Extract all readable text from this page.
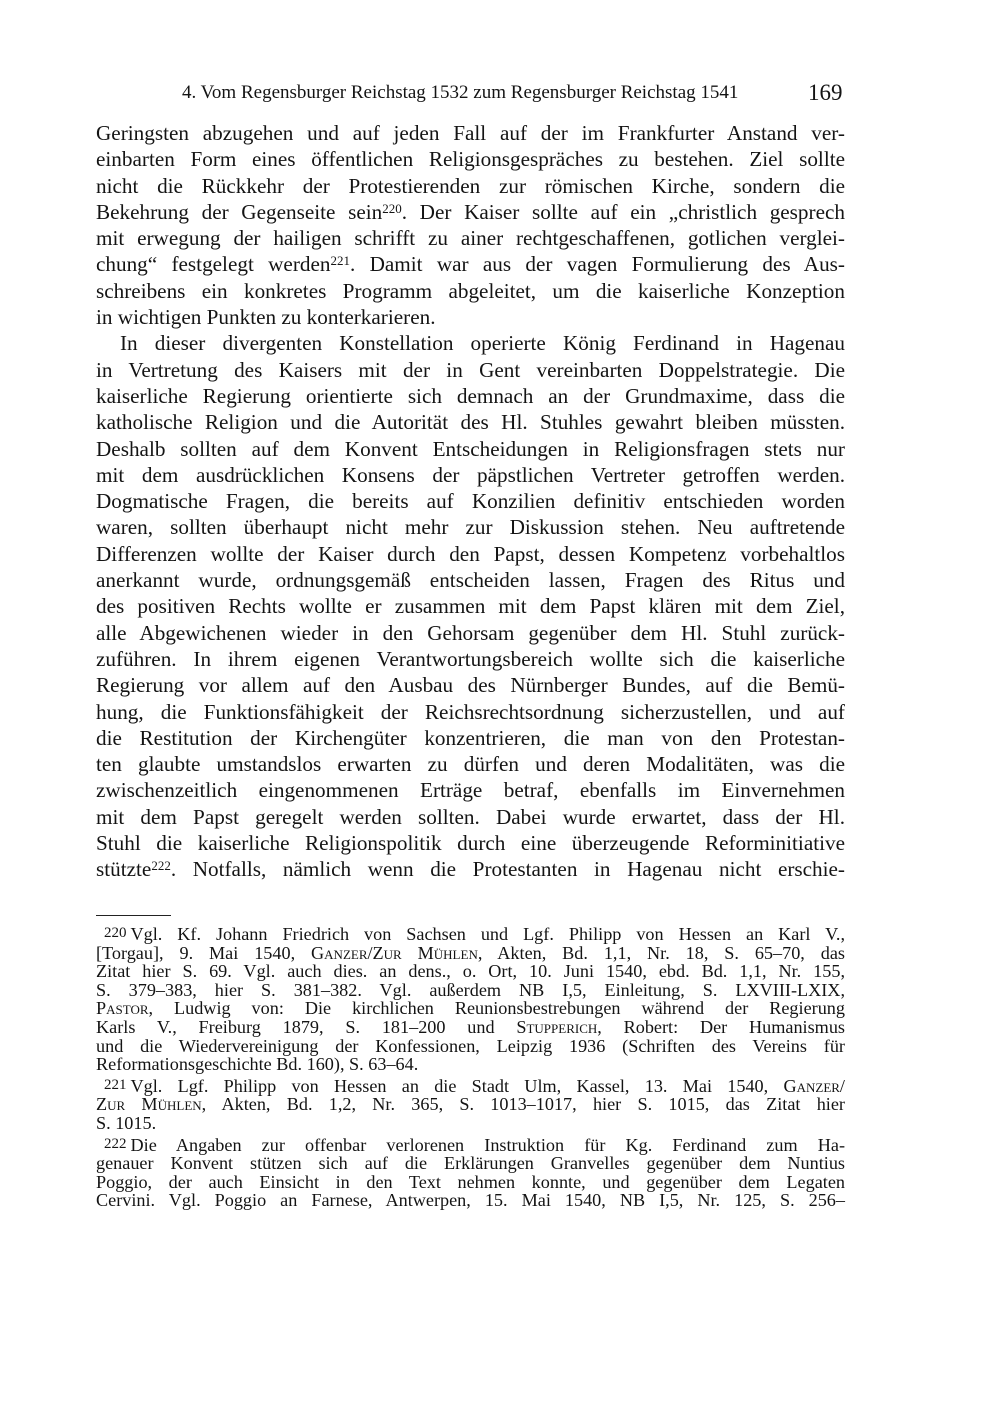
4. Vom Regensburger Reichstag 1532 zum Regensburger Reichstag 1541	169

Geringsten abzugehen und auf jeden Fall auf der im Frankfurter Anstand ver-
einbarten Form eines öffentlichen Religionsgespräches zu bestehen. Ziel sollte
nicht die Rückkehr der Protestierenden zur römischen Kirche, sondern die
Bekehrung der Gegenseite sein$^{220}$. Der Kaiser sollte auf ein „christlich gesprech
mit erwegung der hailigen schrifft zu ainer rechtgeschaffenen, gotlichen verglei-
chung“ festgelegt werden$^{221}$. Damit war aus der vagen Formulierung des Aus-
schreibens ein konkretes Programm abgeleitet, um die kaiserliche Konzeption
in wichtigen Punkten zu konterkarieren.

In dieser divergenten Konstellation operierte König Ferdinand in Hagenau
in Vertretung des Kaisers mit der in Gent vereinbarten Doppelstrategie. Die
kaiserliche Regierung orientierte sich demnach an der Grundmaxime, dass die
katholische Religion und die Autorität des Hl. Stuhles gewahrt bleiben müssten.
Deshalb sollten auf dem Konvent Entscheidungen in Religionsfragen stets nur
mit dem ausdrücklichen Konsens der päpstlichen Vertreter getroffen werden.
Dogmatische Fragen, die bereits auf Konzilien definitiv entschieden worden
waren, sollten überhaupt nicht mehr zur Diskussion stehen. Neu auftretende
Differenzen wollte der Kaiser durch den Papst, dessen Kompetenz vorbehaltlos
anerkannt wurde, ordnungsgemäß entscheiden lassen, Fragen des Ritus und
des positiven Rechts wollte er zusammen mit dem Papst klären mit dem Ziel,
alle Abgewichenen wieder in den Gehorsam gegenüber dem Hl. Stuhl zurück-
zuführen. In ihrem eigenen Verantwortungsbereich wollte sich die kaiserliche
Regierung vor allem auf den Ausbau des Nürnberger Bundes, auf die Bemü-
hung, die Funktionsfähigkeit der Reichsrechtsordnung sicherzustellen, und auf
die Restitution der Kirchengüter konzentrieren, die man von den Protestan-
ten glaubte umstandslos erwarten zu dürfen und deren Modalitäten, was die
zwischenzeitlich eingenommenen Erträge betraf, ebenfalls im Einvernehmen
mit dem Papst geregelt werden sollten. Dabei wurde erwartet, dass der Hl.
Stuhl die kaiserliche Religionspolitik durch eine überzeugende Reforminitiative
stützte$^{222}$. Notfalls, nämlich wenn die Protestanten in Hagenau nicht erschie-

220 Vgl. Kf. Johann Friedrich von Sachsen und Lgf. Philipp von Hessen an Karl V.,
[Torgau], 9. Mai 1540, Ganzer/Zur Mühlen, Akten, Bd. 1,1, Nr. 18, S. 65–70, das
Zitat hier S. 69. Vgl. auch dies. an dens., o. Ort, 10. Juni 1540, ebd. Bd. 1,1, Nr. 155,
S. 379–383, hier S. 381–382. Vgl. außerdem NB I,5, Einleitung, S. LXVIII-LXIX,
Pastor, Ludwig von: Die kirchlichen Reunionsbestrebungen während der Regierung
Karls V., Freiburg 1879, S. 181–200 und Stupperich, Robert: Der Humanismus
und die Wiedervereinigung der Konfessionen, Leipzig 1936 (Schriften des Vereins für
Reformationsgeschichte Bd. 160), S. 63–64.
221 Vgl. Lgf. Philipp von Hessen an die Stadt Ulm, Kassel, 13. Mai 1540, Ganzer/
Zur Mühlen, Akten, Bd. 1,2, Nr. 365, S. 1013–1017, hier S. 1015, das Zitat hier
S. 1015.
222 Die Angaben zur offenbar verlorenen Instruktion für Kg. Ferdinand zum Ha-
genauer Konvent stützen sich auf die Erklärungen Granvelles gegenüber dem Nuntius
Poggio, der auch Einsicht in den Text nehmen konnte, und gegenüber dem Legaten
Cervini. Vgl. Poggio an Farnese, Antwerpen, 15. Mai 1540, NB I,5, Nr. 125, S. 256–
